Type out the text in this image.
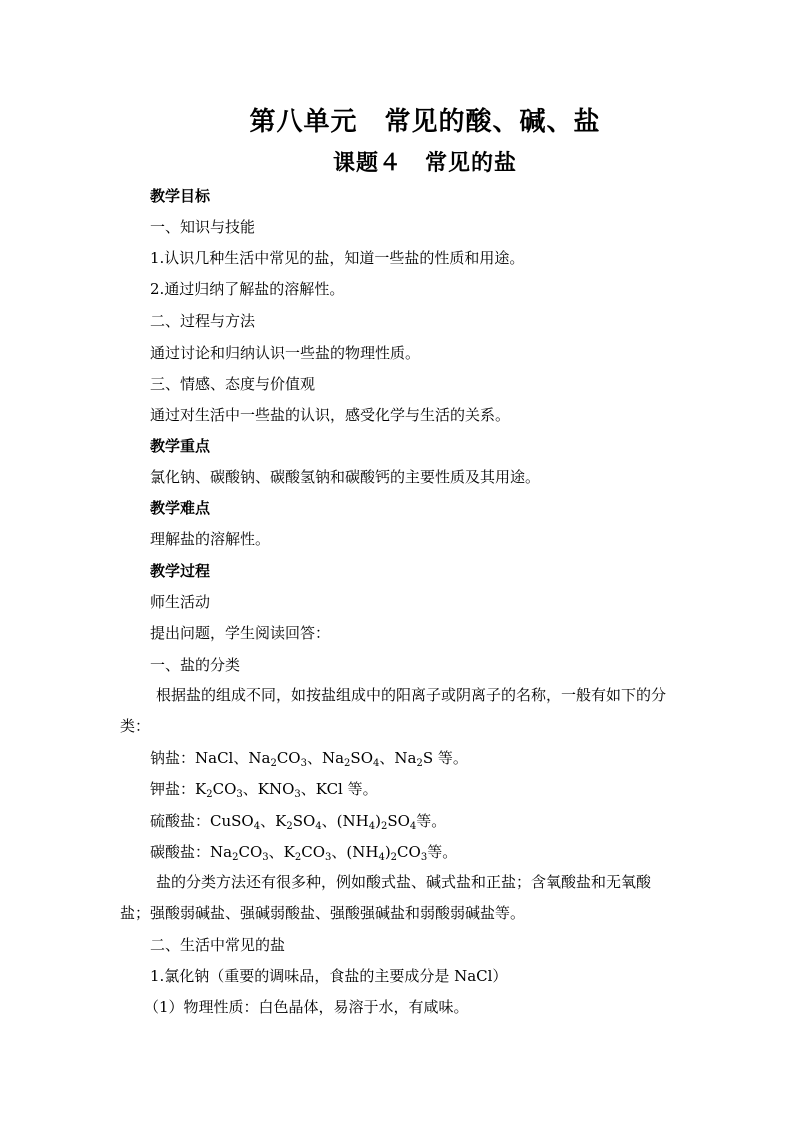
第八单元　常见的酸、碱、盐
课题４　常见的盐
教学目标
一、知识与技能
1.认识几种生活中常见的盐，知道一些盐的性质和用途。
2.通过归纳了解盐的溶解性。
二、过程与方法
通过讨论和归纳认识一些盐的物理性质。
三、情感、态度与价值观
通过对生活中一些盐的认识，感受化学与生活的关系。
教学重点
氯化钠、碳酸钠、碳酸氢钠和碳酸钙的主要性质及其用途。
教学难点
理解盐的溶解性。
教学过程
师生活动
提出问题，学生阅读回答：
一、盐的分类
根据盐的组成不同，如按盐组成中的阳离子或阴离子的名称，一般有如下的分类：
钠盐：NaCl、$Na_2CO_3$、$Na_2SO_4$、$Na_2S$ 等。
钾盐：$K_2CO_3$、$KNO_3$、KCl 等。
硫酸盐：CuSO$_4$、$K_2SO_4$、$(NH_4)_2SO_4$等。
碳酸盐：$Na_2CO_3$、$K_2CO_3$、$(NH_4)_2CO_3$等。
盐的分类方法还有很多种，例如酸式盐、碱式盐和正盐；含氧酸盐和无氧酸盐；强酸弱碱盐、强碱弱酸盐、强酸强碱盐和弱酸弱碱盐等。
二、生活中常见的盐
1.氯化钠（重要的调味品，食盐的主要成分是 NaCl）
（1）物理性质：白色晶体，易溶于水，有咸味。
